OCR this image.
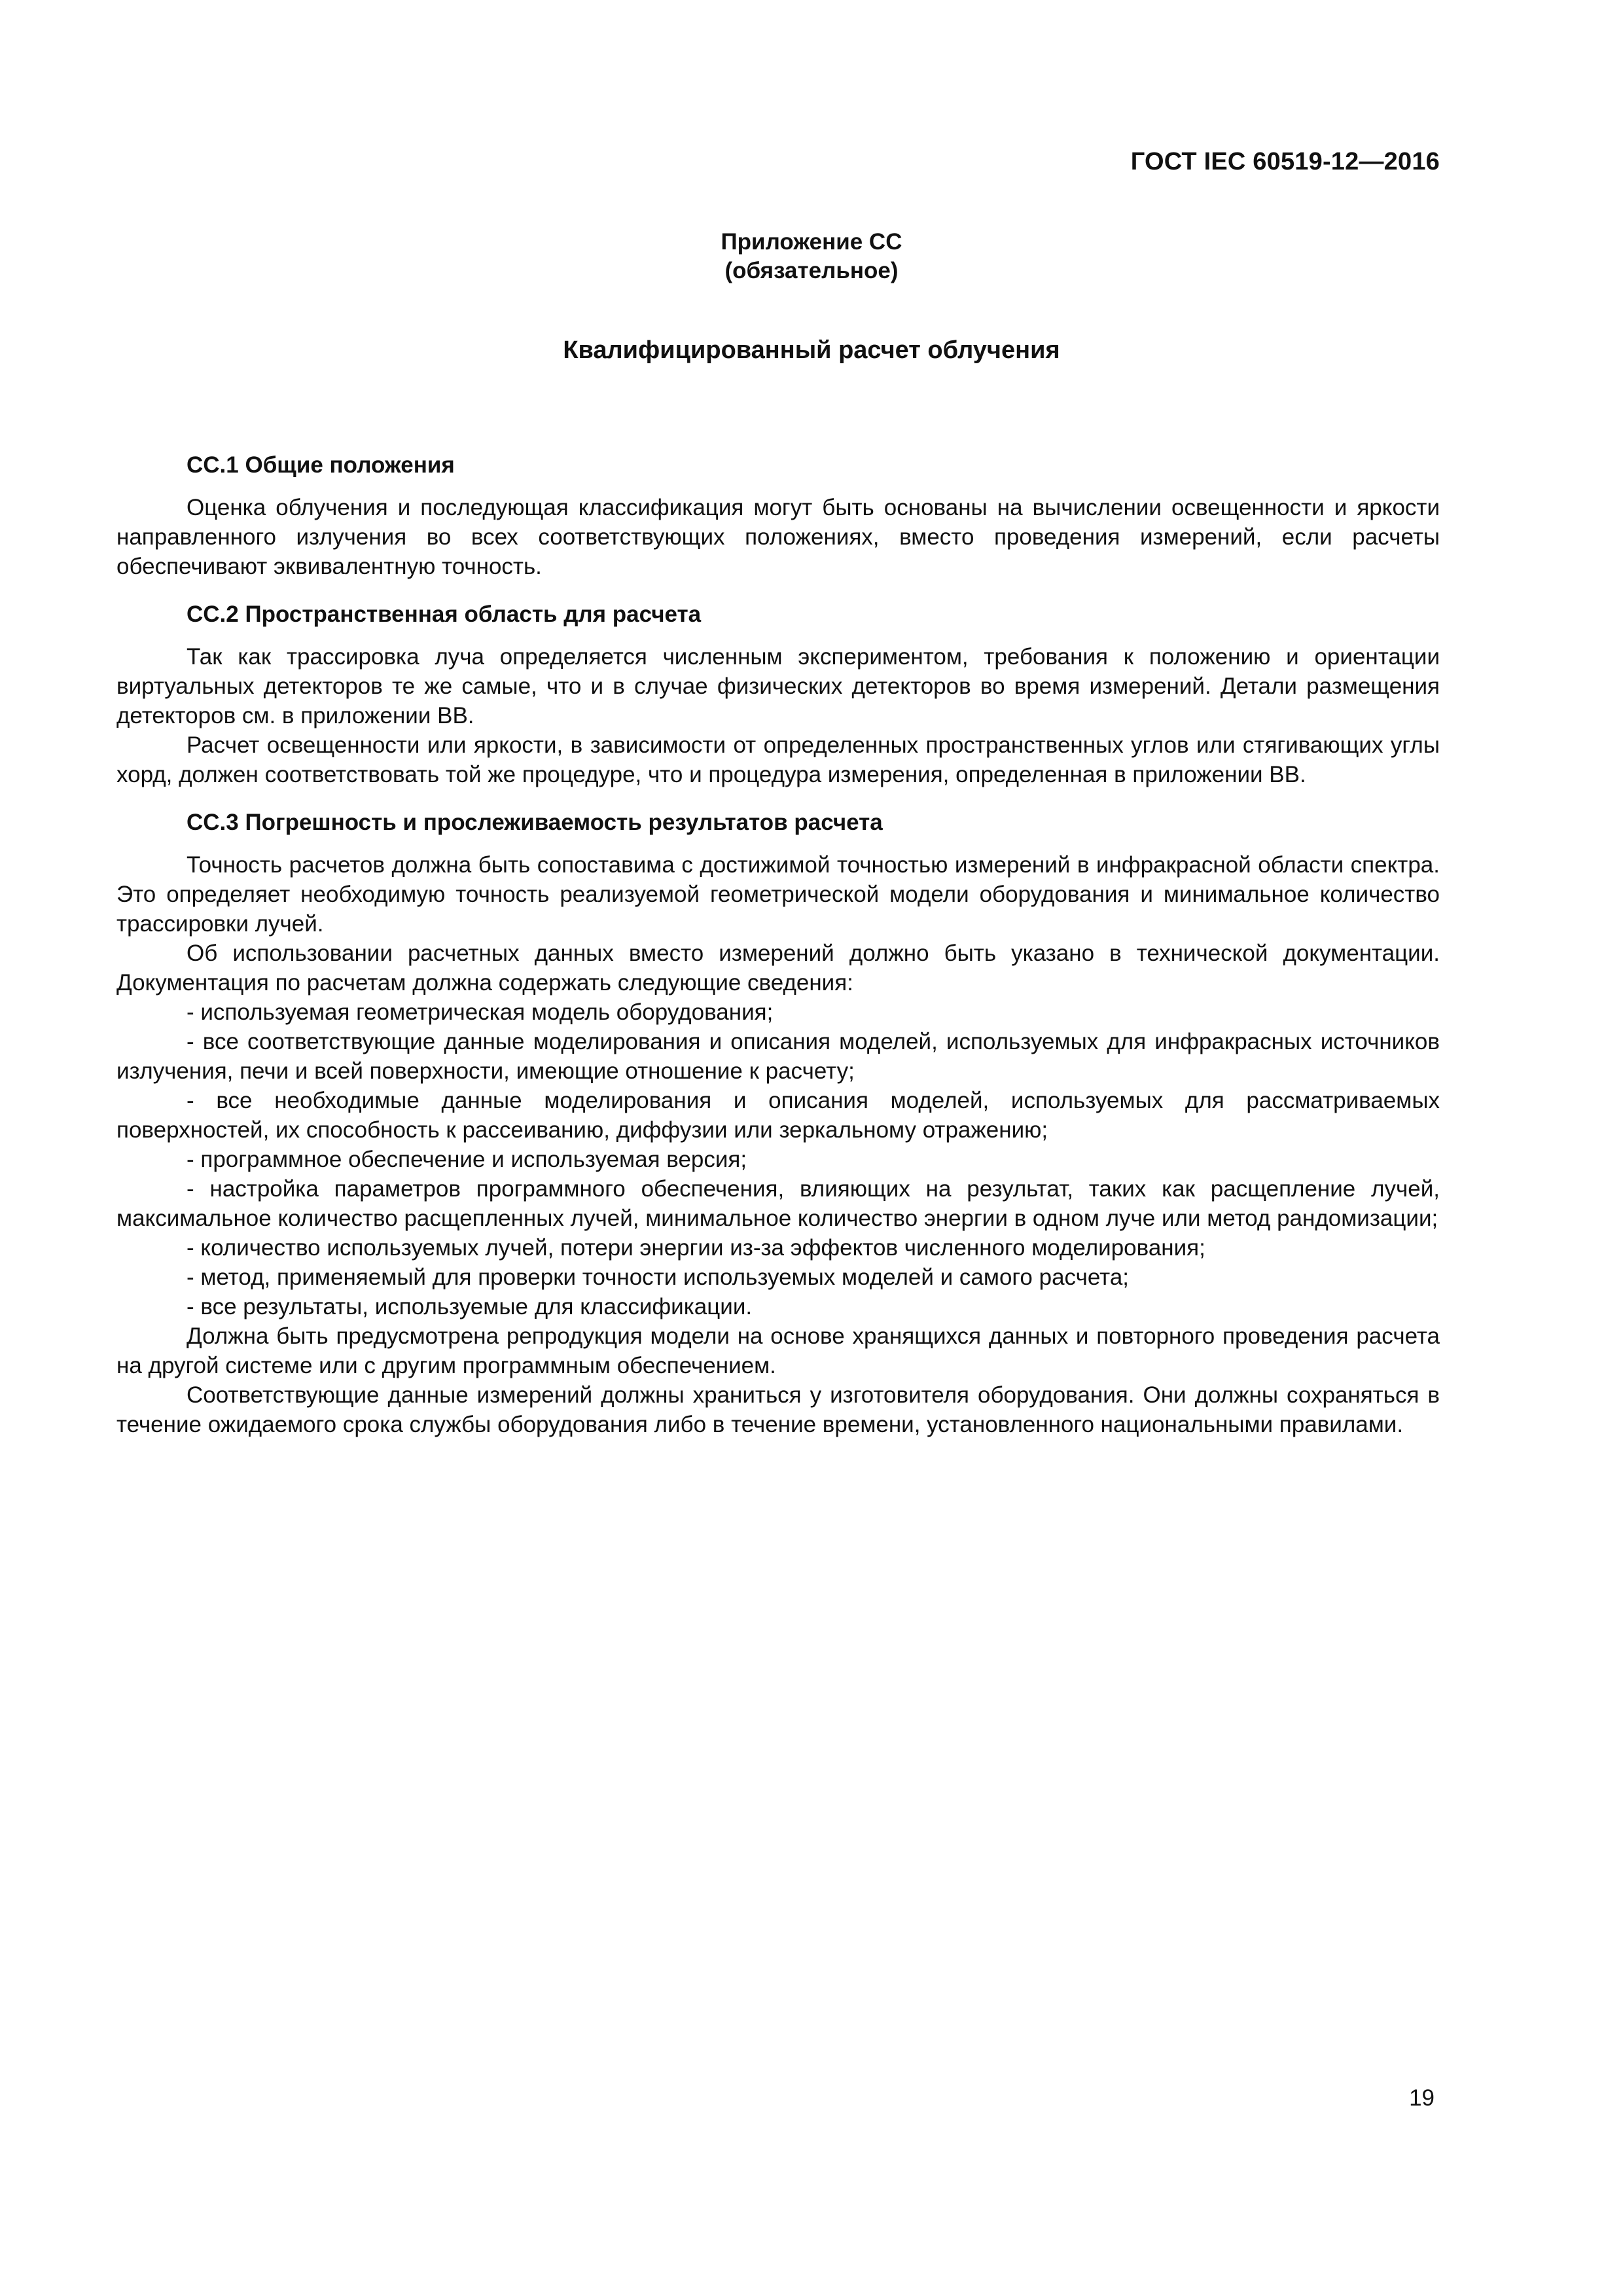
ГОСТ IEC 60519-12—2016
Приложение СС
(обязательное)
Квалифицированный расчет облучения
СС.1 Общие положения

Оценка облучения и последующая классификация могут быть основаны на вычислении освещенности и яркости направленного излучения во всех соответствующих положениях, вместо проведения измерений, если расчеты обеспечивают эквивалентную точность.

СС.2 Пространственная область для расчета

Так как трассировка луча определяется численным экспериментом, требования к положению и ориентации виртуальных детекторов те же самые, что и в случае физических детекторов во время измерений. Детали размещения детекторов см. в приложении ВВ.

Расчет освещенности или яркости, в зависимости от определенных пространственных углов или стягивающих углы хорд, должен соответствовать той же процедуре, что и процедура измерения, определенная в приложении ВВ.

СС.3 Погрешность и прослеживаемость результатов расчета

Точность расчетов должна быть сопоставима с достижимой точностью измерений в инфракрасной области спектра. Это определяет необходимую точность реализуемой геометрической модели оборудования и минимальное количество трассировки лучей.

Об использовании расчетных данных вместо измерений должно быть указано в технической документации. Документация по расчетам должна содержать следующие сведения:

- используемая геометрическая модель оборудования;
- все соответствующие данные моделирования и описания моделей, используемых для инфракрасных источников излучения, печи и всей поверхности, имеющие отношение к расчету;
- все необходимые данные моделирования и описания моделей, используемых для рассматриваемых поверхностей, их способность к рассеиванию, диффузии или зеркальному отражению;
- программное обеспечение и используемая версия;
- настройка параметров программного обеспечения, влияющих на результат, таких как расщепление лучей, максимальное количество расщепленных лучей, минимальное количество энергии в одном луче или метод рандомизации;
- количество используемых лучей, потери энергии из-за эффектов численного моделирования;
- метод, применяемый для проверки точности используемых моделей и самого расчета;
- все результаты, используемые для классификации.

Должна быть предусмотрена репродукция модели на основе хранящихся данных и повторного проведения расчета на другой системе или с другим программным обеспечением.

Соответствующие данные измерений должны храниться у изготовителя оборудования. Они должны сохраняться в течение ожидаемого срока службы оборудования либо в течение времени, установленного национальными правилами.

19
